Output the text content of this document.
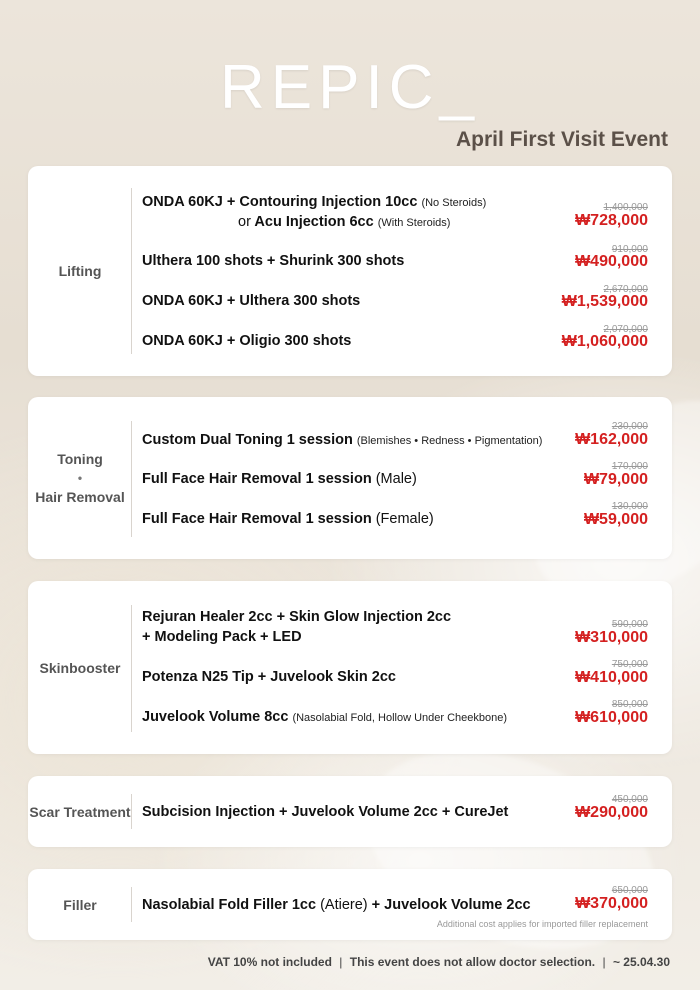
REPIC_
April First Visit Event
Lifting
ONDA 60KJ + Contouring Injection 10cc (No Steroids)
or Acu Injection 6cc (With Steroids)
1,400,000
₩728,000
Ulthera 100 shots + Shurink 300 shots
910,000
₩490,000
ONDA 60KJ + Ulthera 300 shots
2,670,000
₩1,539,000
ONDA 60KJ + Oligio 300 shots
2,070,000
₩1,060,000
Toning
•
Hair Removal
Custom Dual Toning 1 session (Blemishes • Redness • Pigmentation)
230,000
₩162,000
Full Face Hair Removal 1 session (Male)
170,000
₩79,000
Full Face Hair Removal 1 session (Female)
130,000
₩59,000
Skinbooster
Rejuran Healer 2cc + Skin Glow Injection 2cc
+ Modeling Pack + LED
590,000
₩310,000
Potenza N25 Tip + Juvelook Skin 2cc
750,000
₩410,000
Juvelook Volume 8cc (Nasolabial Fold, Hollow Under Cheekbone)
850,000
₩610,000
Scar Treatment Subcision Injection + Juvelook Volume 2cc + CureJet
450,000
₩290,000
Filler	Nasolabial Fold Filler 1cc (Atiere) + Juvelook Volume 2cc
650,000
₩370,000
Additional cost applies for imported filler replacement
VAT 10% not included | This event does not allow doctor selection. | ~ 25.04.30
